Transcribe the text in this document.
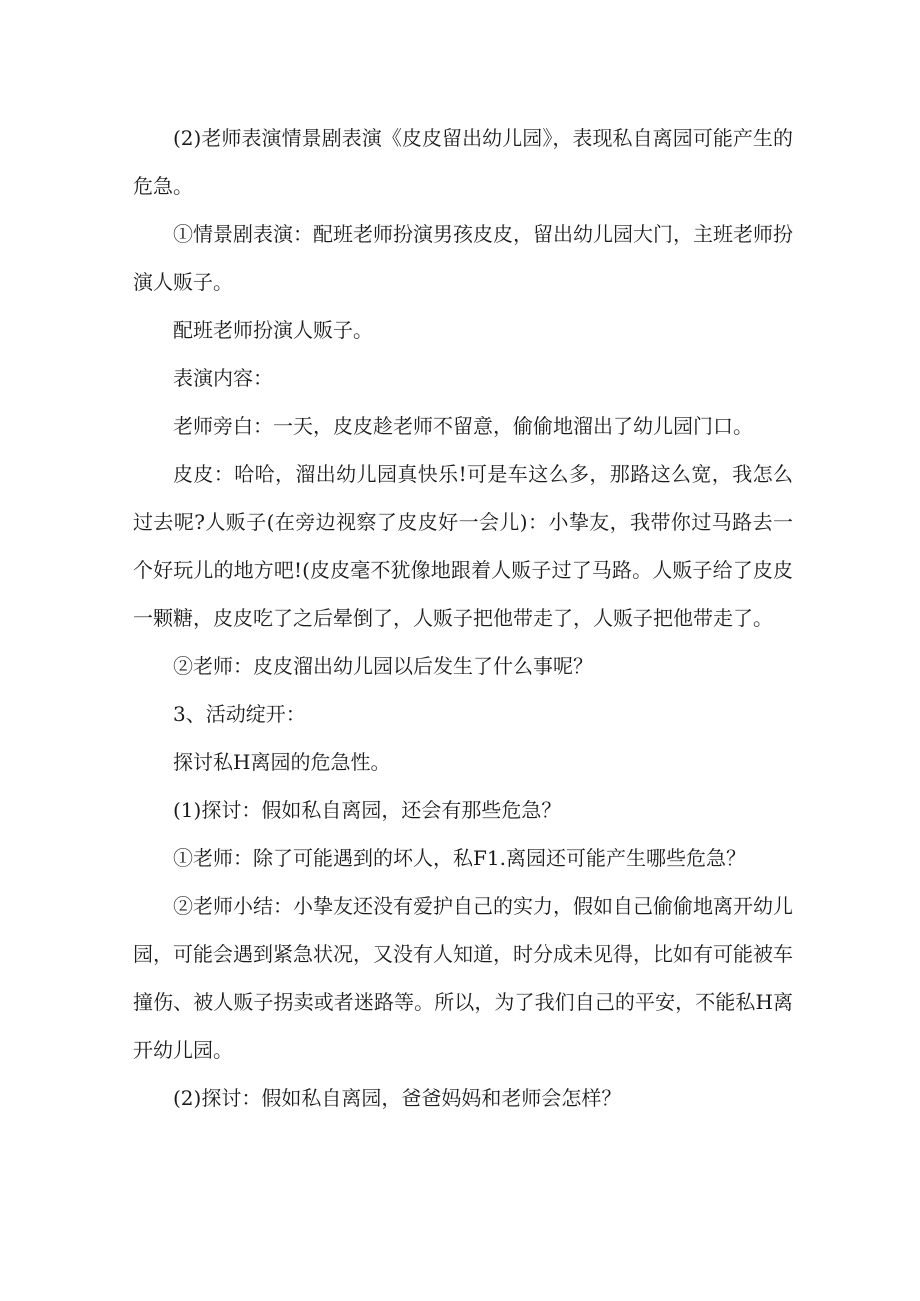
(2)老师表演情景剧表演《皮皮留出幼儿园》，表现私自离园可能产生的危急。

①情景剧表演：配班老师扮演男孩皮皮，留出幼儿园大门，主班老师扮演人贩子。

配班老师扮演人贩子。

表演内容：

老师旁白：一天，皮皮趁老师不留意，偷偷地溜出了幼儿园门口。

皮皮：哈哈，溜出幼儿园真快乐!可是车这么多，那路这么宽，我怎么过去呢?人贩子(在旁边视察了皮皮好一会儿)：小挚友，我带你过马路去一个好玩儿的地方吧!(皮皮毫不犹像地跟着人贩子过了马路。人贩子给了皮皮一颗糖，皮皮吃了之后晕倒了，人贩子把他带走了，人贩子把他带走了。

②老师：皮皮溜出幼儿园以后发生了什么事呢？

3、活动绽开：

探讨私H离园的危急性。

(1)探讨：假如私自离园，还会有那些危急？

①老师：除了可能遇到的坏人，私F1.离园还可能产生哪些危急？

②老师小结：小挚友还没有爱护自己的实力，假如自己偷偷地离开幼儿园，可能会遇到紧急状况，又没有人知道，时分成未见得，比如有可能被车撞伤、被人贩子拐卖或者迷路等。所以，为了我们自己的平安，不能私H离开幼儿园。

(2)探讨：假如私自离园，爸爸妈妈和老师会怎样？
